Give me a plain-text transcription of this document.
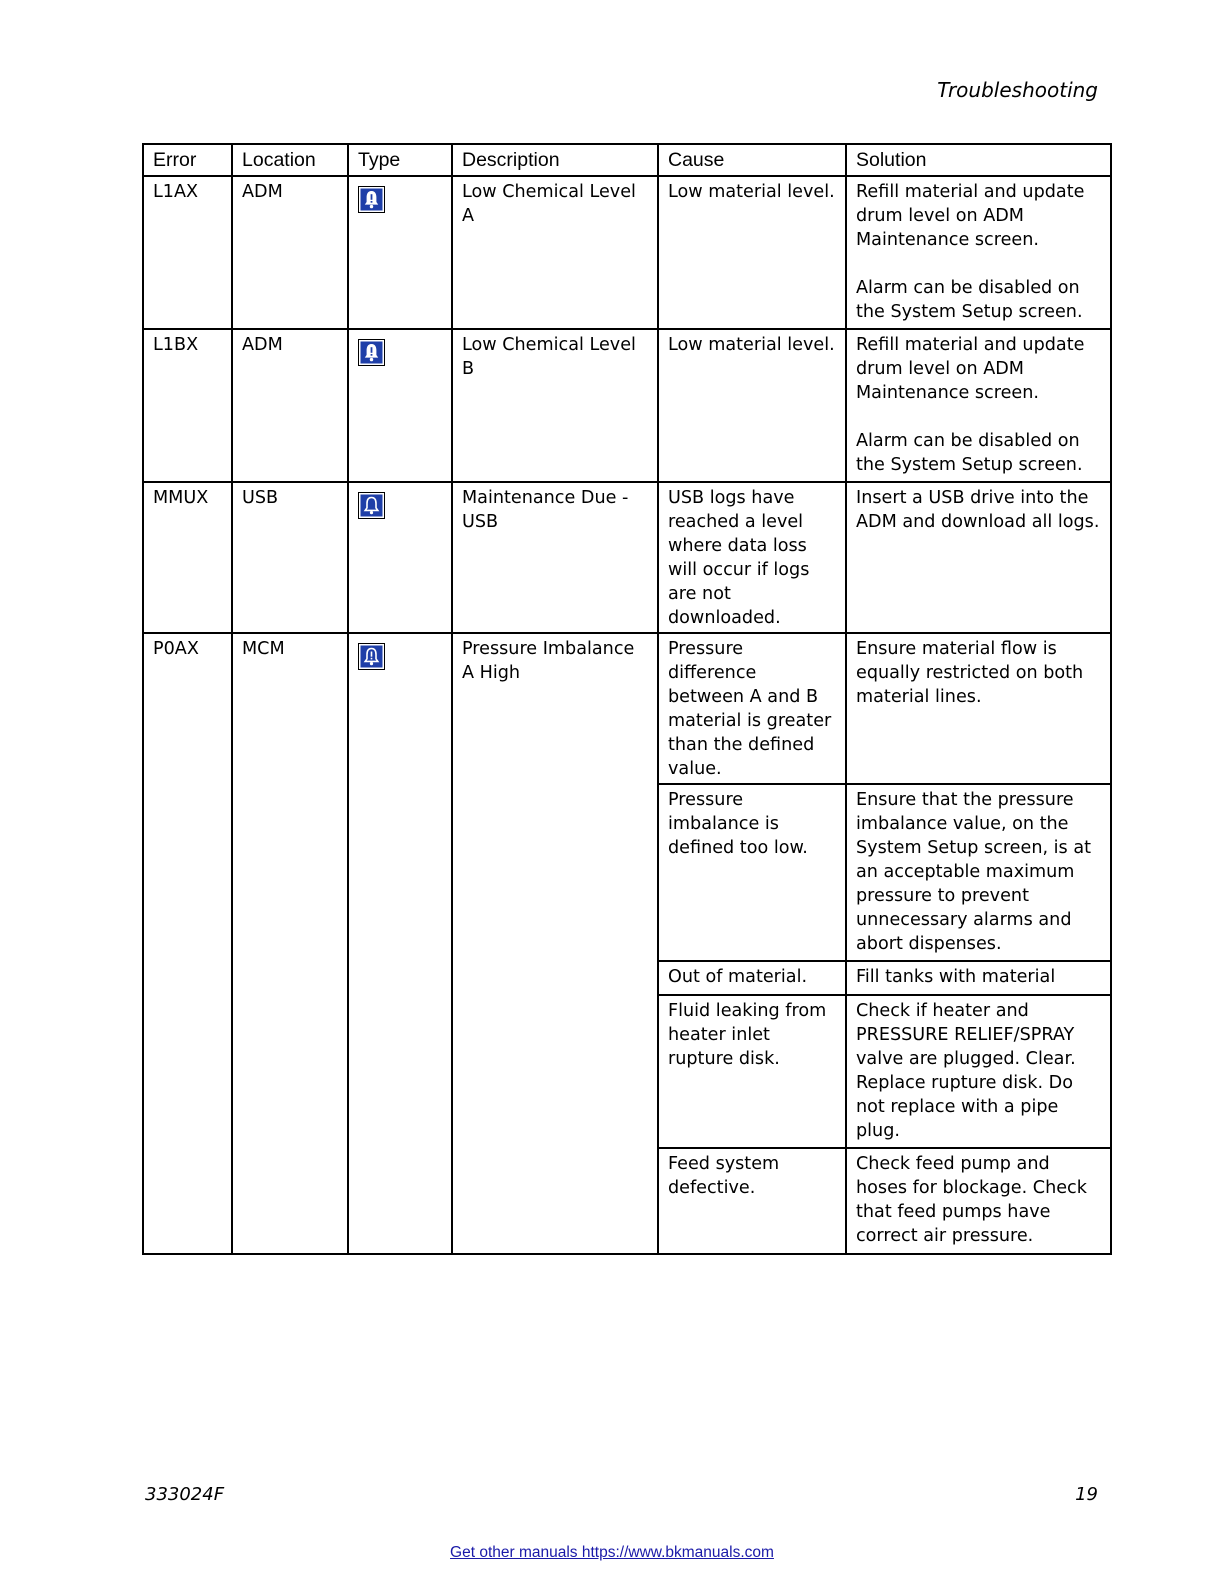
Troubleshooting
Error	Location	Type	Description	Cause	Solution
L1AX	ADM		Low Chemical Level A	Low material level.	Refill material and update drum level on ADM Maintenance screen.

Alarm can be disabled on the System Setup screen.
L1BX	ADM		Low Chemical Level B	Low material level.	Refill material and update drum level on ADM Maintenance screen.

Alarm can be disabled on the System Setup screen.
MMUX	USB		Maintenance Due - USB	USB logs have reached a level where data loss will occur if logs are not downloaded.	Insert a USB drive into the ADM and download all logs.
P0AX	MCM		Pressure Imbalance A High	Pressure difference between A and B material is greater than the defined value.	Ensure material flow is equally restricted on both material lines.
				Pressure imbalance is defined too low.	Ensure that the pressure imbalance value, on the System Setup screen, is at an acceptable maximum pressure to prevent unnecessary alarms and abort dispenses.
				Out of material.	Fill tanks with material
				Fluid leaking from heater inlet rupture disk.	Check if heater and PRESSURE RELIEF/SPRAY valve are plugged. Clear. Replace rupture disk. Do not replace with a pipe plug.
				Feed system defective.	Check feed pump and hoses for blockage. Check that feed pumps have correct air pressure.
333024F	19
Get other manuals https://www.bkmanuals.com
